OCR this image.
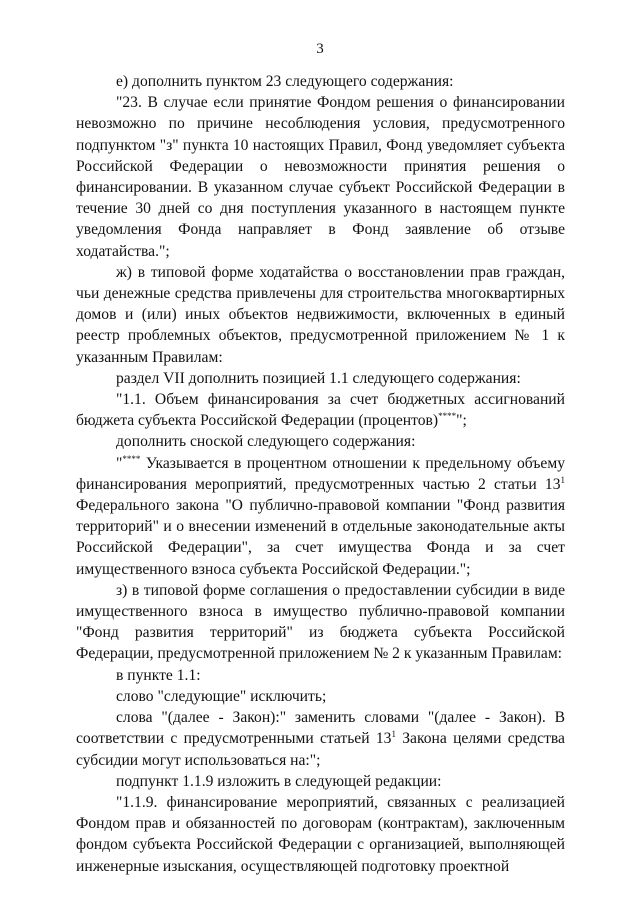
3

е) дополнить пунктом 23 следующего содержания:

"23. В случае если принятие Фондом решения о финансировании невозможно по причине несоблюдения условия, предусмотренного подпунктом "з" пункта 10 настоящих Правил, Фонд уведомляет субъекта Российской Федерации о невозможности принятия решения о финансировании. В указанном случае субъект Российской Федерации в течение 30 дней со дня поступления указанного в настоящем пункте уведомления Фонда направляет в Фонд заявление об отзыве ходатайства.";

ж) в типовой форме ходатайства о восстановлении прав граждан, чьи денежные средства привлечены для строительства многоквартирных домов и (или) иных объектов недвижимости, включенных в единый реестр проблемных объектов, предусмотренной приложением № 1 к указанным Правилам:

раздел VII дополнить позицией 1.1 следующего содержания:

"1.1. Объем финансирования за счет бюджетных ассигнований бюджета субъекта Российской Федерации (процентов)****";

дополнить сноской следующего содержания:

"**** Указывается в процентном отношении к предельному объему финансирования мероприятий, предусмотренных частью 2 статьи $13^1$ Федерального закона "О публично-правовой компании "Фонд развития территорий" и о внесении изменений в отдельные законодательные акты Российской Федерации", за счет имущества Фонда и за счет имущественного взноса субъекта Российской Федерации.";

з) в типовой форме соглашения о предоставлении субсидии в виде имущественного взноса в имущество публично-правовой компании "Фонд развития территорий" из бюджета субъекта Российской Федерации, предусмотренной приложением № 2 к указанным Правилам:

в пункте 1.1:

слово "следующие" исключить;

слова "(далее - Закон):" заменить словами "(далее - Закон). В соответствии с предусмотренными статьей $13^1$ Закона целями средства субсидии могут использоваться на:";

подпункт 1.1.9 изложить в следующей редакции:

"1.1.9. финансирование мероприятий, связанных с реализацией Фондом прав и обязанностей по договорам (контрактам), заключенным фондом субъекта Российской Федерации с организацией, выполняющей инженерные изыскания, осуществляющей подготовку проектной
